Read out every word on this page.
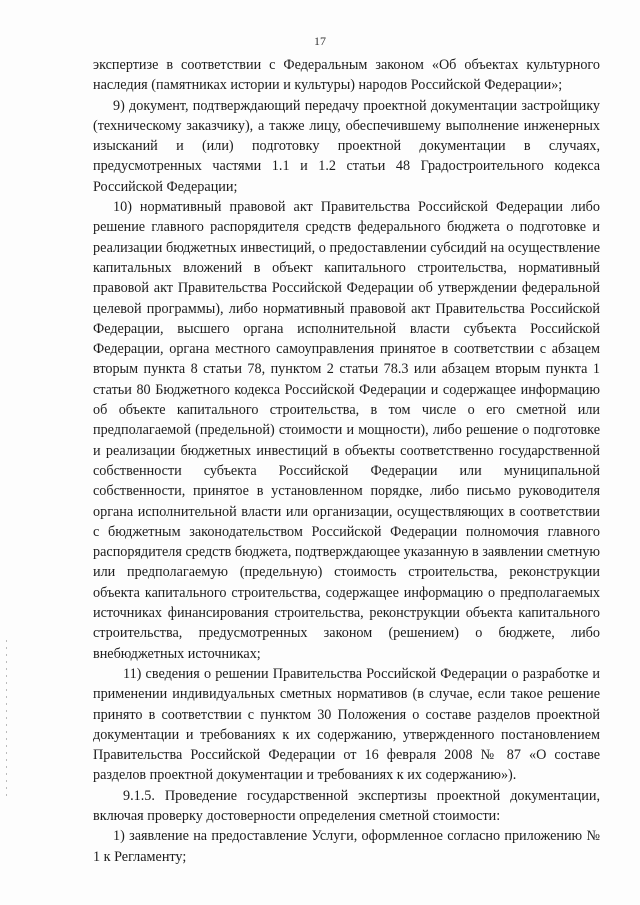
17

экспертизе в соответствии с Федеральным законом «Об объектах культурного наследия (памятниках истории и культуры) народов Российской Федерации»;

9) документ, подтверждающий передачу проектной документации застройщику (техническому заказчику), а также лицу, обеспечившему выполнение инженерных изысканий и (или) подготовку проектной документации в случаях, предусмотренных частями 1.1 и 1.2 статьи 48 Градостроительного кодекса Российской Федерации;

10) нормативный правовой акт Правительства Российской Федерации либо решение главного распорядителя средств федерального бюджета о подготовке и реализации бюджетных инвестиций, о предоставлении субсидий на осуществление капитальных вложений в объект капитального строительства, нормативный правовой акт Правительства Российской Федерации об утверждении федеральной целевой программы), либо нормативный правовой акт Правительства Российской Федерации, высшего органа исполнительной власти субъекта Российской Федерации, органа местного самоуправления принятое в соответствии с абзацем вторым пункта 8 статьи 78, пунктом 2 статьи 78.3 или абзацем вторым пункта 1 статьи 80 Бюджетного кодекса Российской Федерации и содержащее информацию об объекте капитального строительства, в том числе о его сметной или предполагаемой (предельной) стоимости и мощности), либо решение о подготовке и реализации бюджетных инвестиций в объекты соответственно государственной собственности субъекта Российской Федерации или муниципальной собственности, принятое в установленном порядке, либо письмо руководителя органа исполнительной власти или организации, осуществляющих в соответствии с бюджетным законодательством Российской Федерации полномочия главного распорядителя средств бюджета, подтверждающее указанную в заявлении сметную или предполагаемую (предельную) стоимость строительства, реконструкции объекта капитального строительства, содержащее информацию о предполагаемых источниках финансирования строительства, реконструкции объекта капитального строительства, предусмотренных законом (решением) о бюджете, либо внебюджетных источниках;

11) сведения о решении Правительства Российской Федерации о разработке и применении индивидуальных сметных нормативов (в случае, если такое решение принято в соответствии с пунктом 30 Положения о составе разделов проектной документации и требованиях к их содержанию, утвержденного постановлением Правительства Российской Федерации от 16 февраля 2008 № 87 «О составе разделов проектной документации и требованиях к их содержанию»).

9.1.5. Проведение государственной экспертизы проектной документации, включая проверку достоверности определения сметной стоимости:

1) заявление на предоставление Услуги, оформленное согласно приложению № 1 к Регламенту;
